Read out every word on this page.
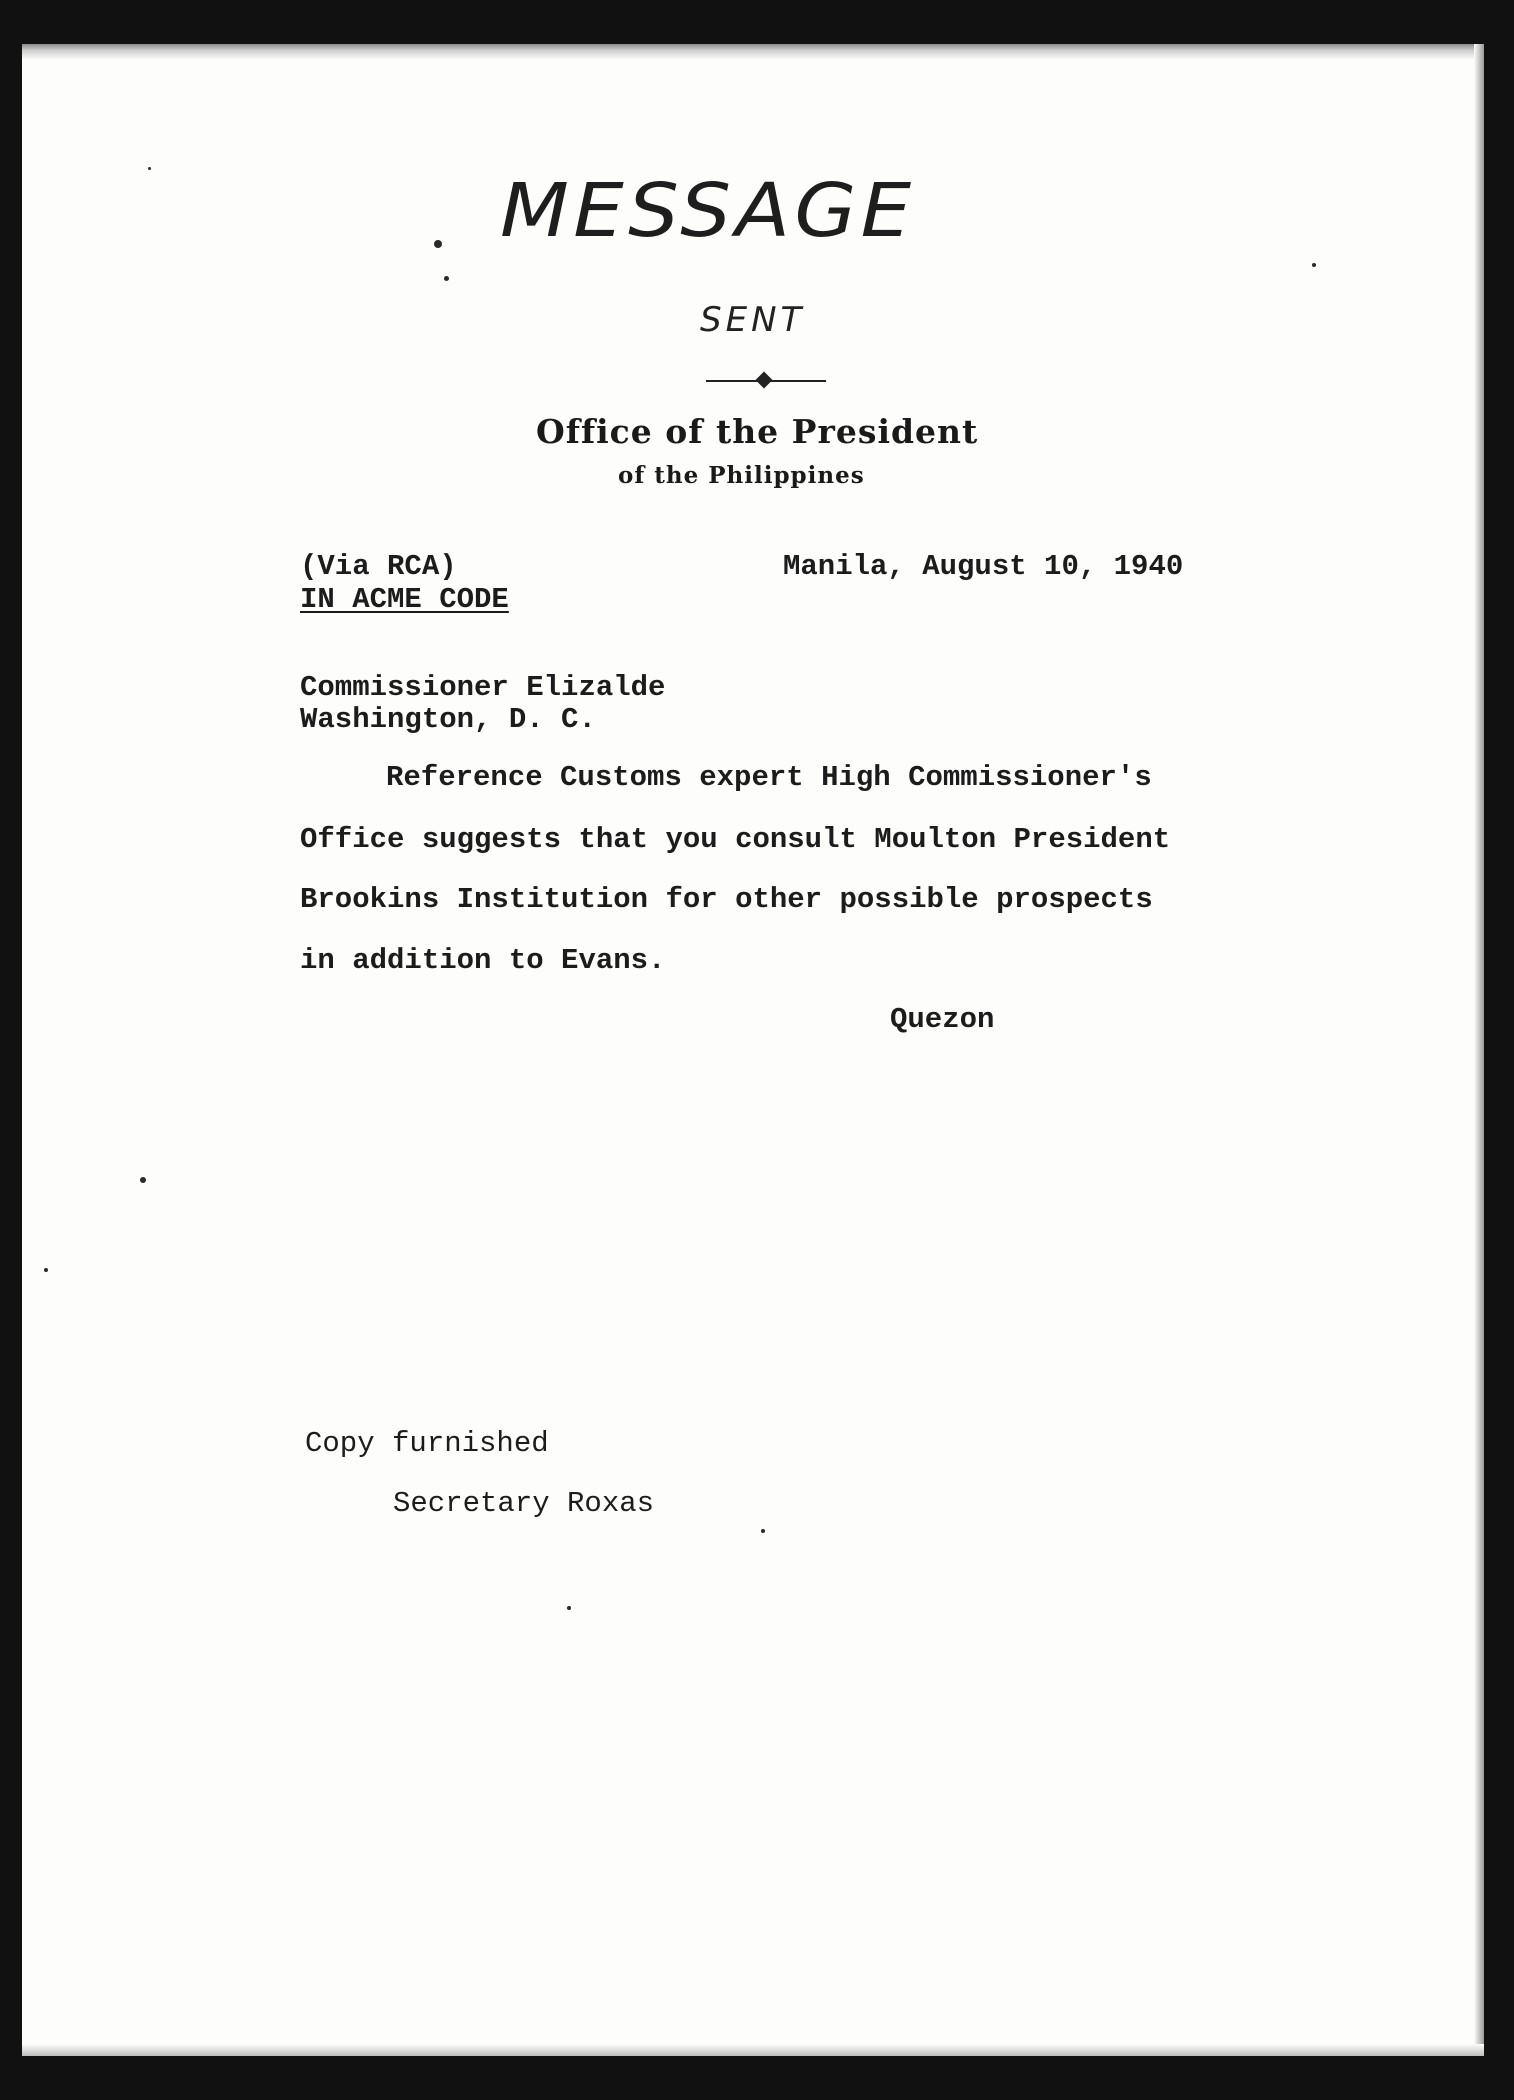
MESSAGE
SENT
Office of the President
of the Philippines
(Via RCA)
IN ACME CODE
Manila, August 10, 1940
Commissioner Elizalde
Washington, D. C.
Reference Customs expert High Commissioner's
Office suggests that you consult Moulton President
Brookins Institution for other possible prospects
in addition to Evans.
Quezon
Copy furnished
Secretary Roxas
